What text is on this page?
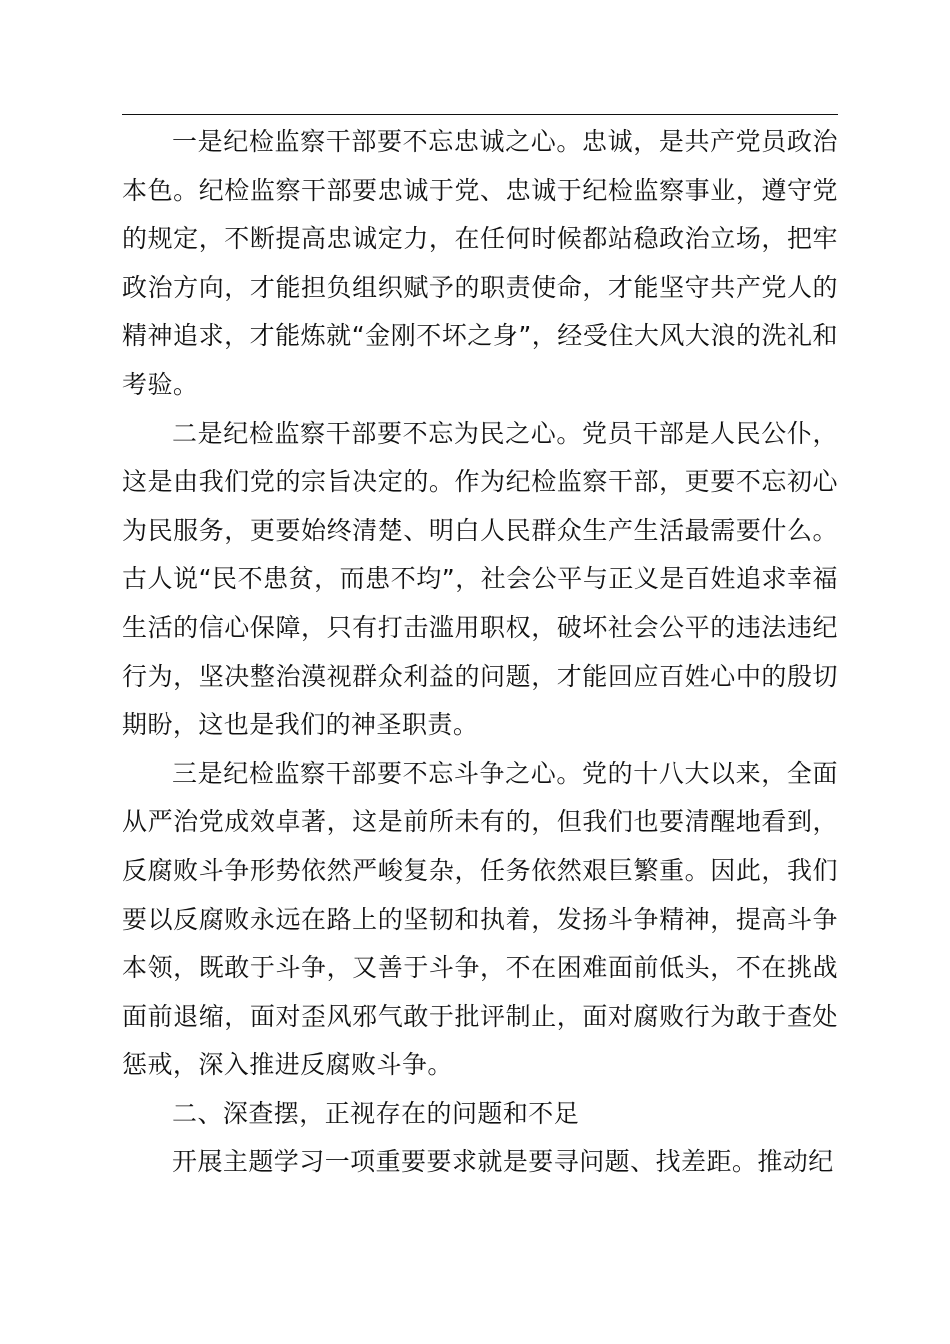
一是纪检监察干部要不忘忠诚之心。忠诚，是共产党员政治本色。纪检监察干部要忠诚于党、忠诚于纪检监察事业，遵守党的规定，不断提高忠诚定力，在任何时候都站稳政治立场，把牢政治方向，才能担负组织赋予的职责使命，才能坚守共产党人的精神追求，才能炼就“金刚不坏之身”，经受住大风大浪的洗礼和考验。

二是纪检监察干部要不忘为民之心。党员干部是人民公仆，这是由我们党的宗旨决定的。作为纪检监察干部，更要不忘初心为民服务，更要始终清楚、明白人民群众生产生活最需要什么。古人说“民不患贫，而患不均”，社会公平与正义是百姓追求幸福生活的信心保障，只有打击滥用职权，破坏社会公平的违法违纪行为，坚决整治漠视群众利益的问题，才能回应百姓心中的殷切期盼，这也是我们的神圣职责。

三是纪检监察干部要不忘斗争之心。党的十八大以来，全面从严治党成效卓著，这是前所未有的，但我们也要清醒地看到，反腐败斗争形势依然严峻复杂，任务依然艰巨繁重。因此，我们要以反腐败永远在路上的坚韧和执着，发扬斗争精神，提高斗争本领，既敢于斗争，又善于斗争，不在困难面前低头，不在挑战面前退缩，面对歪风邪气敢于批评制止，面对腐败行为敢于查处惩戒，深入推进反腐败斗争。

二、深查摆，正视存在的问题和不足

开展主题学习一项重要要求就是要寻问题、找差距。推动纪
